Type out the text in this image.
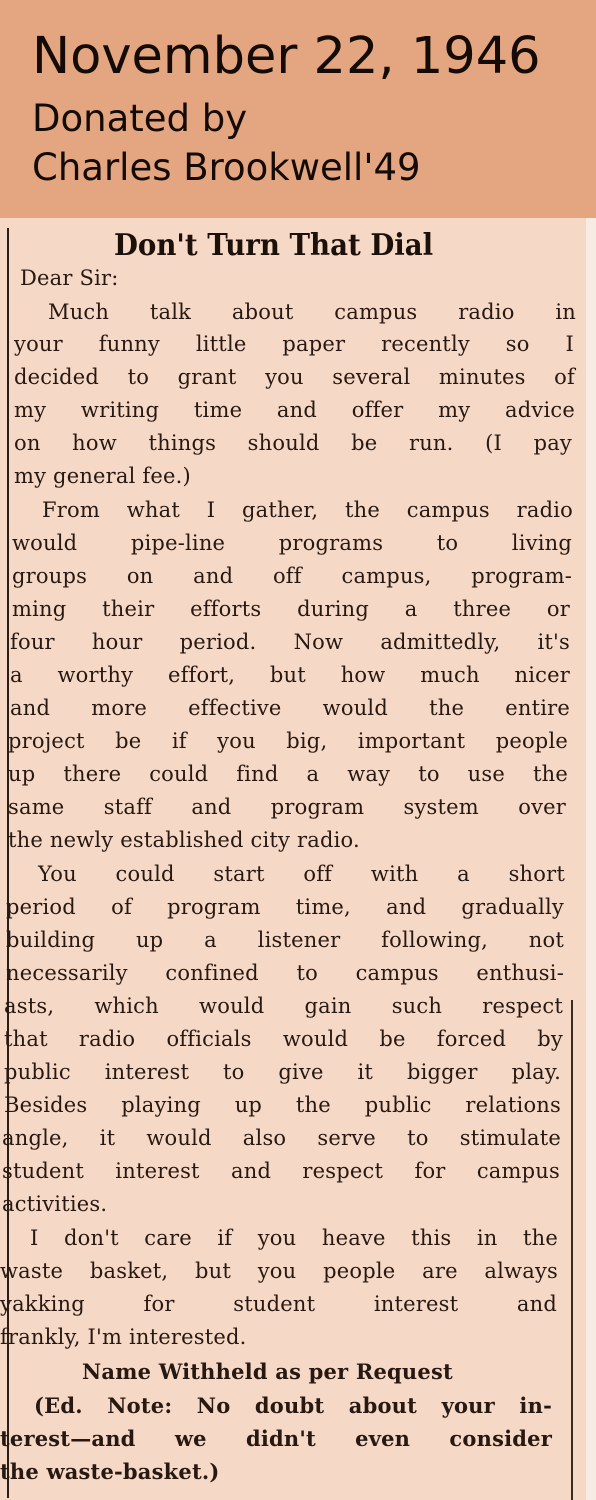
November 22, 1946
Donated by
Charles Brookwell'49
Don't Turn That Dial
Dear Sir:
Much talk about campus radio in
your funny little paper recently so I
decided to grant you several minutes of
my writing time and offer my advice
on how things should be run. (I pay
my general fee.)
From what I gather, the campus radio
would pipe-line programs to living
groups on and off campus, program-
ming their efforts during a three or
four hour period. Now admittedly, it's
a worthy effort, but how much nicer
and more effective would the entire
project be if you big, important people
up there could find a way to use the
same staff and program system over
the newly established city radio.
You could start off with a short
period of program time, and gradually
building up a listener following, not
necessarily confined to campus enthusi-
asts, which would gain such respect
that radio officials would be forced by
public interest to give it bigger play.
Besides playing up the public relations
angle, it would also serve to stimulate
student interest and respect for campus
activities.
I don't care if you heave this in the
waste basket, but you people are always
yakking for student interest and
frankly, I'm interested.
Name Withheld as per Request
(Ed. Note: No doubt about your in-
terest—and we didn't even consider
the waste-basket.)
